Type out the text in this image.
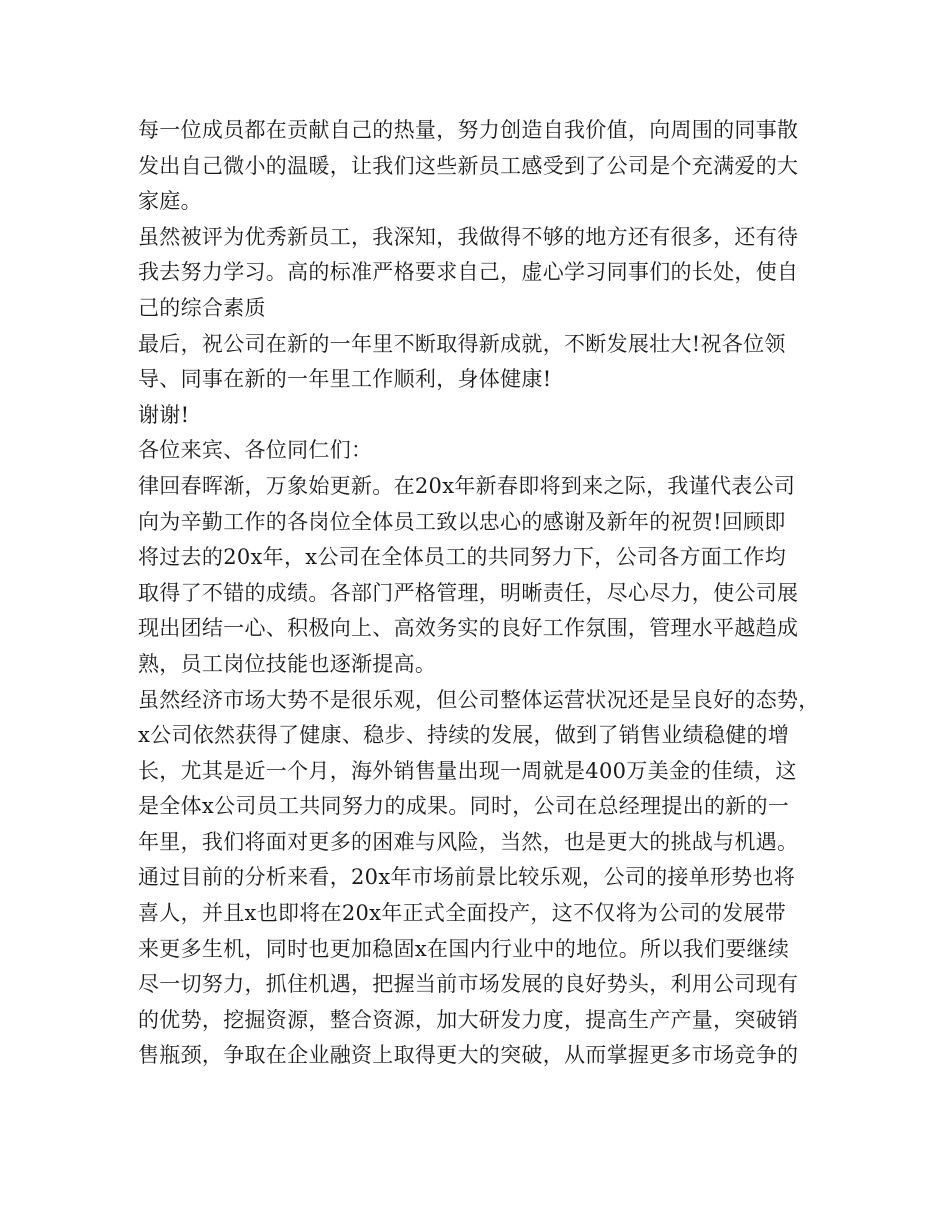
每一位成员都在贡献自己的热量，努力创造自我价值，向周围的同事散
发出自己微小的温暖，让我们这些新员工感受到了公司是个充满爱的大
家庭。
虽然被评为优秀新员工，我深知，我做得不够的地方还有很多，还有待
我去努力学习。高的标准严格要求自己，虚心学习同事们的长处，使自
己的综合素质
最后，祝公司在新的一年里不断取得新成就，不断发展壮大!祝各位领
导、同事在新的一年里工作顺利，身体健康!
谢谢!
各位来宾、各位同仁们：
律回春晖渐，万象始更新。在20x年新春即将到来之际，我谨代表公司
向为辛勤工作的各岗位全体员工致以忠心的感谢及新年的祝贺!回顾即
将过去的20x年，x公司在全体员工的共同努力下，公司各方面工作均
取得了不错的成绩。各部门严格管理，明晰责任，尽心尽力，使公司展
现出团结一心、积极向上、高效务实的良好工作氛围，管理水平越趋成
熟，员工岗位技能也逐渐提高。
虽然经济市场大势不是很乐观，但公司整体运营状况还是呈良好的态势，
x公司依然获得了健康、稳步、持续的发展，做到了销售业绩稳健的增
长，尤其是近一个月，海外销售量出现一周就是400万美金的佳绩，这
是全体x公司员工共同努力的成果。同时，公司在总经理提出的新的一
年里，我们将面对更多的困难与风险，当然，也是更大的挑战与机遇。
通过目前的分析来看，20x年市场前景比较乐观，公司的接单形势也将
喜人，并且x也即将在20x年正式全面投产，这不仅将为公司的发展带
来更多生机，同时也更加稳固x在国内行业中的地位。所以我们要继续
尽一切努力，抓住机遇，把握当前市场发展的良好势头，利用公司现有
的优势，挖掘资源，整合资源，加大研发力度，提高生产产量，突破销
售瓶颈，争取在企业融资上取得更大的突破，从而掌握更多市场竞争的
